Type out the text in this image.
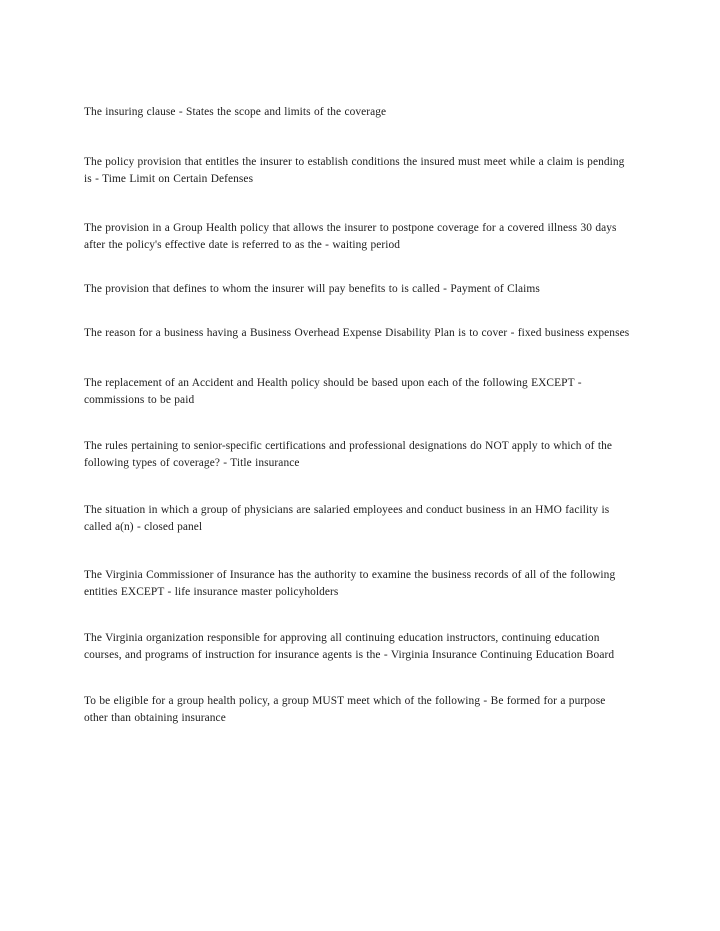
The insuring clause - States the scope and limits of the coverage

The policy provision that entitles the insurer to establish conditions the insured must meet while a claim is pending is - Time Limit on Certain Defenses

The provision in a Group Health policy that allows the insurer to postpone coverage for a covered illness 30 days after the policy's effective date is referred to as the - waiting period

The provision that defines to whom the insurer will pay benefits to is called - Payment of Claims

The reason for a business having a Business Overhead Expense Disability Plan is to cover - fixed business expenses

The replacement of an Accident and Health policy should be based upon each of the following EXCEPT - commissions to be paid

The rules pertaining to senior-specific certifications and professional designations do NOT apply to which of the following types of coverage? - Title insurance

The situation in which a group of physicians are salaried employees and conduct business in an HMO facility is called a(n) - closed panel

The Virginia Commissioner of Insurance has the authority to examine the business records of all of the following entities EXCEPT - life insurance master policyholders

The Virginia organization responsible for approving all continuing education instructors, continuing education courses, and programs of instruction for insurance agents is the - Virginia Insurance Continuing Education Board

To be eligible for a group health policy, a group MUST meet which of the following - Be formed for a purpose other than obtaining insurance
